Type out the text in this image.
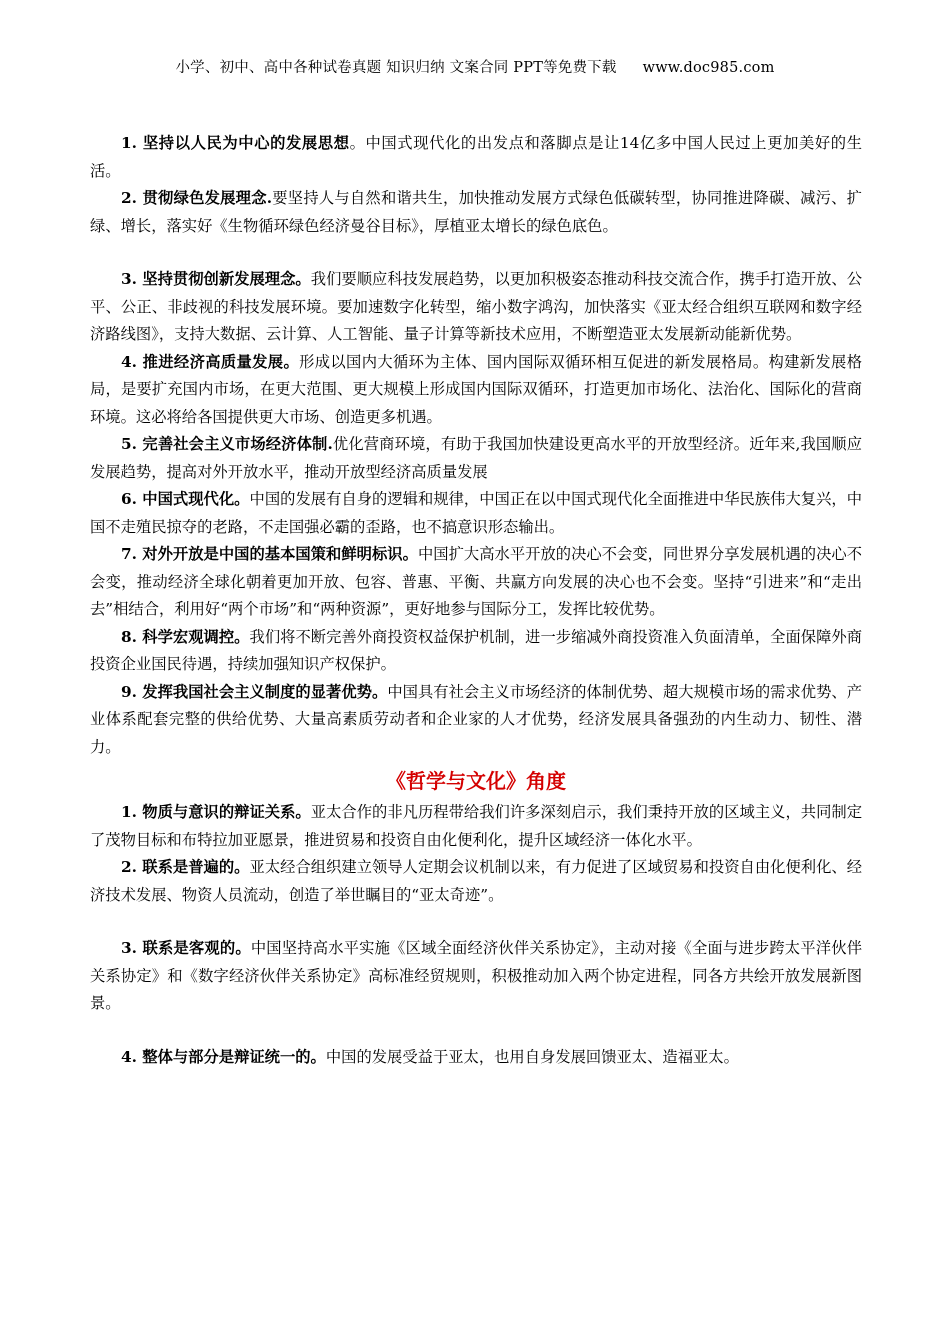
小学、初中、高中各种试卷真题 知识归纳 文案合同 PPT等免费下载 www.doc985.com

1. 坚持以人民为中心的发展思想。中国式现代化的出发点和落脚点是让14亿多中国人民过上更加美好的生活。

2. 贯彻绿色发展理念.要坚持人与自然和谐共生，加快推动发展方式绿色低碳转型，协同推进降碳、减污、扩绿、增长，落实好《生物循环绿色经济曼谷目标》，厚植亚太增长的绿色底色。

3. 坚持贯彻创新发展理念。我们要顺应科技发展趋势，以更加积极姿态推动科技交流合作，携手打造开放、公平、公正、非歧视的科技发展环境。要加速数字化转型，缩小数字鸿沟，加快落实《亚太经合组织互联网和数字经济路线图》，支持大数据、云计算、人工智能、量子计算等新技术应用，不断塑造亚太发展新动能新优势。

4. 推进经济高质量发展。形成以国内大循环为主体、国内国际双循环相互促进的新发展格局。构建新发展格局，是要扩充国内市场，在更大范围、更大规模上形成国内国际双循环，打造更加市场化、法治化、国际化的营商环境。这必将给各国提供更大市场、创造更多机遇。

5. 完善社会主义市场经济体制.优化营商环境，有助于我国加快建设更高水平的开放型经济。近年来,我国顺应发展趋势，提高对外开放水平，推动开放型经济高质量发展

6. 中国式现代化。中国的发展有自身的逻辑和规律，中国正在以中国式现代化全面推进中华民族伟大复兴，中国不走殖民掠夺的老路，不走国强必霸的歪路，也不搞意识形态输出。

7. 对外开放是中国的基本国策和鲜明标识。中国扩大高水平开放的决心不会变，同世界分享发展机遇的决心不会变，推动经济全球化朝着更加开放、包容、普惠、平衡、共赢方向发展的决心也不会变。坚持“引进来”和“走出去”相结合，利用好“两个市场”和“两种资源”，更好地参与国际分工，发挥比较优势。

8. 科学宏观调控。我们将不断完善外商投资权益保护机制，进一步缩减外商投资准入负面清单，全面保障外商投资企业国民待遇，持续加强知识产权保护。

9. 发挥我国社会主义制度的显著优势。中国具有社会主义市场经济的体制优势、超大规模市场的需求优势、产业体系配套完整的供给优势、大量高素质劳动者和企业家的人才优势，经济发展具备强劲的内生动力、韧性、潜力。

《哲学与文化》角度

1. 物质与意识的辩证关系。亚太合作的非凡历程带给我们许多深刻启示，我们秉持开放的区域主义，共同制定了茂物目标和布特拉加亚愿景，推进贸易和投资自由化便利化，提升区域经济一体化水平。

2. 联系是普遍的。亚太经合组织建立领导人定期会议机制以来，有力促进了区域贸易和投资自由化便利化、经济技术发展、物资人员流动，创造了举世瞩目的“亚太奇迹”。

3. 联系是客观的。中国坚持高水平实施《区域全面经济伙伴关系协定》，主动对接《全面与进步跨太平洋伙伴关系协定》和《数字经济伙伴关系协定》高标准经贸规则，积极推动加入两个协定进程，同各方共绘开放发展新图景。

4. 整体与部分是辩证统一的。中国的发展受益于亚太，也用自身发展回馈亚太、造福亚太。
